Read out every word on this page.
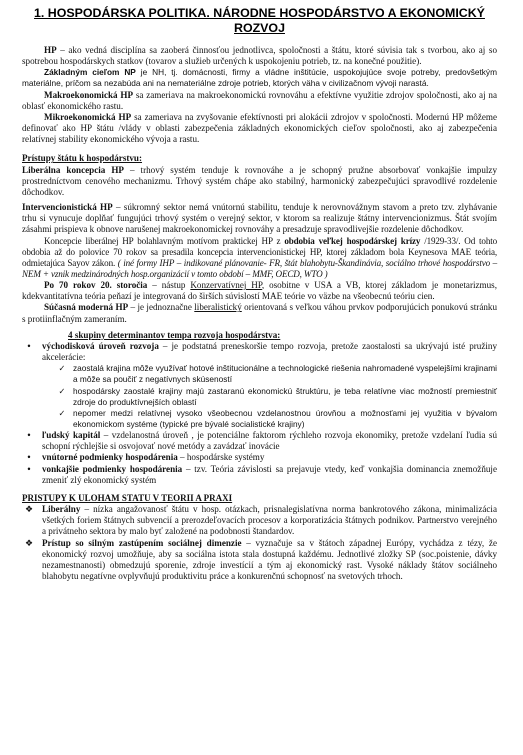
1. HOSPODÁRSKA POLITIKA. NÁRODNE HOSPODÁRSTVO A EKONOMICKÝ ROZVOJ

HP – ako vedná disciplína sa zaoberá činnosťou jednotlivca, spoločnosti a štátu, ktoré súvisia tak s tvorbou, ako aj so spotrebou hospodárskych statkov (tovarov a služieb určených k uspokojeniu potrieb, tz. na konečné použitie).

Základným cieľom NP je NH, tj. domácnosti, firmy a vládne inštitúcie, uspokojujúce svoje potreby, predovšetkým materiálne, príčom sa nezabúda ani na nemateriálne zdroje potrieb, ktorých väha v civilizačnom vývoji narastá.

Makroekonomická HP sa zameriava na makroekonomickú rovnováhu a efektívne využitie zdrojov spoločnosti, ako aj na oblasť ekonomického rastu.

Mikroekonomická HP sa zameriava na zvyšovanie efektívnosti pri alokácii zdrojov v spoločnosti. Modernú HP môžeme definovať ako HP štátu /vlády v oblasti zabezpečenia základných ekonomických cieľov spoločnosti, ako aj zabezpečenia relatívnej stability ekonomického vývoja a rastu.

Prístupy štátu k hospodárstvu:

Liberálna koncepcia HP – trhový systém tenduje k rovnováhe a je schopný pružne absorbovať vonkajšie impulzy prostredníctvom cenového mechanizmu. Trhový systém chápe ako stabilný, harmonický zabezpečujúci spravodlivé rozdelenie dôchodkov.

Intervencionistická HP – súkromný sektor nemá vnútornú stabilitu, tenduje k nerovnovážnym stavom a preto tzv. zlyhávanie trhu si vynucuje doplňať fungujúci trhový systém o verejný sektor, v ktorom sa realizuje štátny intervencionizmus. Štát svojím zásahmi prispieva k obnove narušenej makroekonomickej rovnováhy a presadzuje spravodlivejšie rozdelenie dôchodkov.

Koncepcie liberálnej HP bolahlavným motívom praktickej HP z obdobia veľkej hospodárskej krízy /1929-33/. Od tohto obdobia až do polovice 70 rokov sa presadila koncepcia intervencionistickej HP, ktorej základom bola Keynesova MAE teória, odmietajúca Sayov zákon. ( iné formy IHP – indikované plánovanie- FR, štát blahobytu-Škandinávia, sociálno trhové hospodárstvo – NEM + vznik medzinárodných hosp.organizácií v tomto období – MMF, OECD, WTO )

Po 70 rokov 20. storočia – nástup Konzervatívnej HP, osobitne v USA a VB, ktorej základom je monetarizmus, kdekvantitatívna teória peňazí je integrovaná do širších súvislostí MAE teórie vo väzbe na všeobecnú teóriu cien.

Súčasná moderná HP – je jednoznačne liberalistický orientovaná s veľkou váhou prvkov podporujúcich ponukovú stránku s protiinflačným zameraním.

4 skupiny determinantov tempa rozvoja hospodárstva:

•	východisková úroveň rozvoja – je podstatná preneskoršie tempo rozvoja, pretože zaostalosti sa ukrývajú isté pružiny akcelerácie:
✓ zaostalá krajina môže využívať hotové inštitucionálne a technologické riešenia nahromadené vyspelejšími krajinami a môže sa poučiť z negatívnych skúseností
✓ hospodársky zaostalé krajiny majú zastaranú ekonomickú štruktúru, je teba relatívne viac možností premiestniť zdroje do produktívnejších oblastí
✓ nepomer medzi relatívnej vysoko všeobecnou vzdelanostnou úrovňou a možnosťami jej využitia v bývalom ekonomickom systéme (typické pre bývalé socialistické krajiny)
•	ľudský kapitál – vzdelanostná úroveň , je potenciálne faktorom rýchleho rozvoja ekonomiky, pretože vzdelaní ľudia sú schopní rýchlejšie si osvojovať nové metódy a zavádzať inovácie
•	vnútorné podmienky hospodárenia – hospodárske systémy
•	vonkajšie podmienky hospodárenia – tzv. Teória závislosti sa prejavuje vtedy, keď vonkajšia dominancia znemožňuje zmeniť zlý ekonomický systém

PRISTUPY K ULOHAM STATU V TEORII A PRAXI

❖ Liberálny – nízka angažovanosť štátu v hosp. otázkach, prisnalegislatívna norma bankrotového zákona, minimalizácia všetkých foriem štátnych subvencií a prerozdeľovacích procesov a korporatizácia štátnych podnikov. Partnerstvo verejného a privátneho sektora by malo byť založené na podobnosti štandardov.
❖ Prístup so silným zastúpením sociálnej dimenzie – vyznačuje sa v štátoch západnej Európy, vychádza z tézy, že ekonomický rozvoj umožňuje, aby sa sociálna istota stala dostupná každému. Jednotlivé zložky SP (soc.poistenie, dávky nezamestnanosti) obmedzujú sporenie, zdroje investícií a tým aj ekonomický rast. Vysoké náklady štátov sociálneho blahobytu negatívne ovplyvňujú produktivitu práce a konkurenčnú schopnosť na svetových trhoch.
